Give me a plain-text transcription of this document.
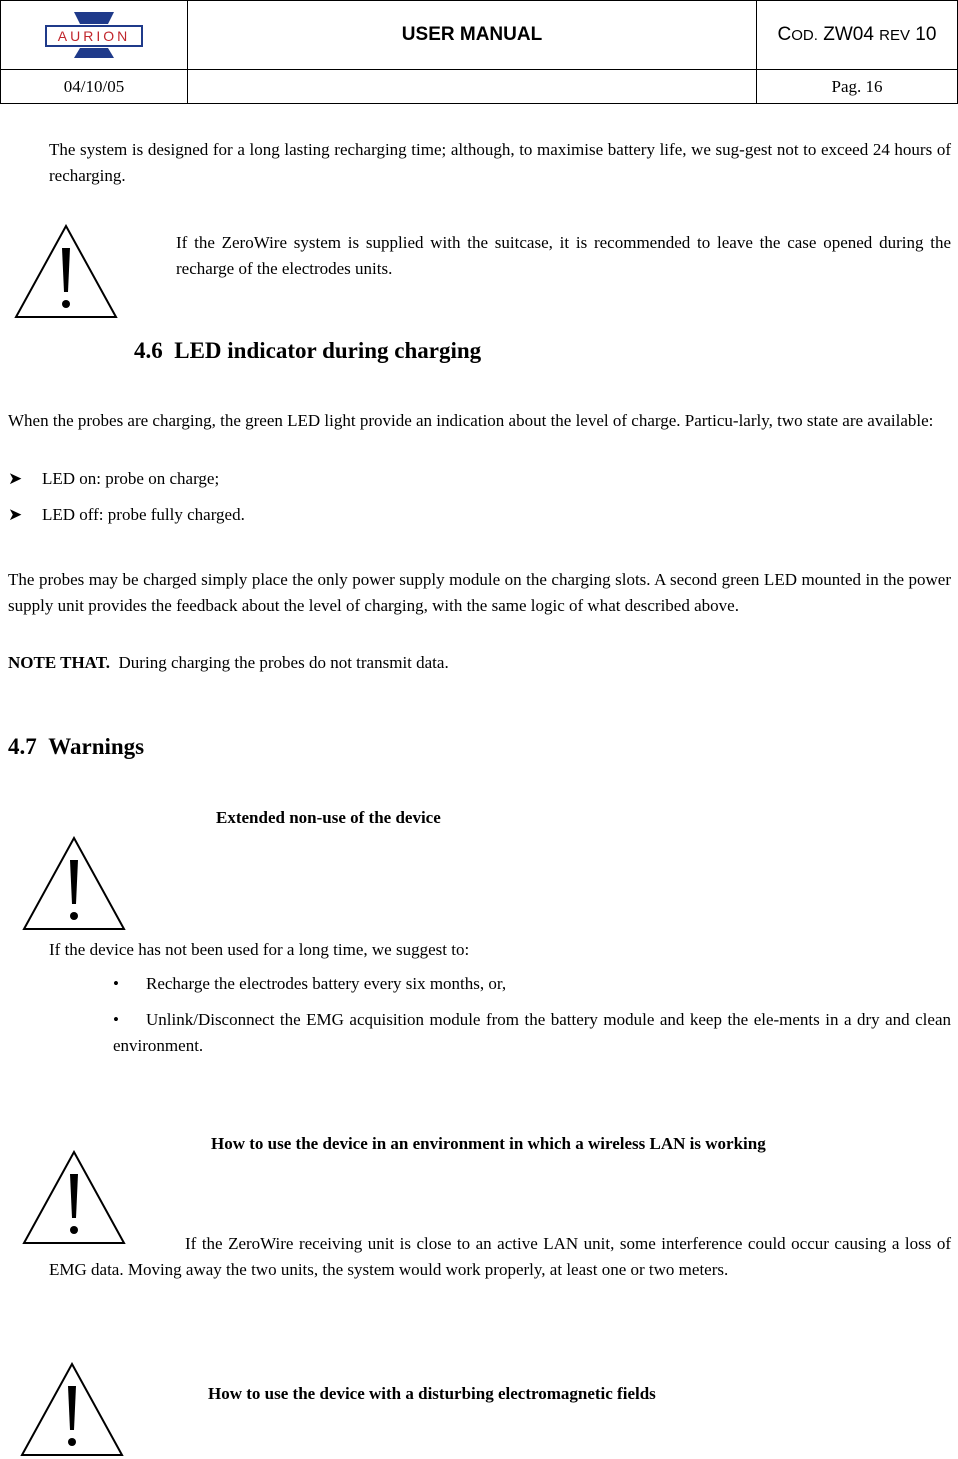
AURION	USER MANUAL	COD. ZW04 REV 10
04/10/05		Pag. 16
The system is designed for a long lasting recharging time; although, to maximise battery life, we sug-gest not to exceed 24 hours of recharging.
If the ZeroWire system is supplied with the suitcase, it is recommended to leave the case opened during the recharge of the electrodes units.
4.6 LED indicator during charging
When the probes are charging, the green LED light provide an indication about the level of charge. Particu-larly, two state are available:
➤ LED on: probe on charge;
➤ LED off: probe fully charged.
The probes may be charged simply place the only power supply module on the charging slots. A second green LED mounted in the power supply unit provides the feedback about the level of charging, with the same logic of what described above.
NOTE THAT. During charging the probes do not transmit data.
4.7 Warnings
Extended non-use of the device
If the device has not been used for a long time, we suggest to:
•	Recharge the electrodes battery every six months, or,
• Unlink/Disconnect the EMG acquisition module from the battery module and keep the ele-ments in a dry and clean environment.
How to use the device in an environment in which a wireless LAN is working
If the ZeroWire receiving unit is close to an active LAN unit, some interference could occur causing a loss of EMG data. Moving away the two units, the system would work properly, at least one or two meters.
How to use the device with a disturbing electromagnetic fields
